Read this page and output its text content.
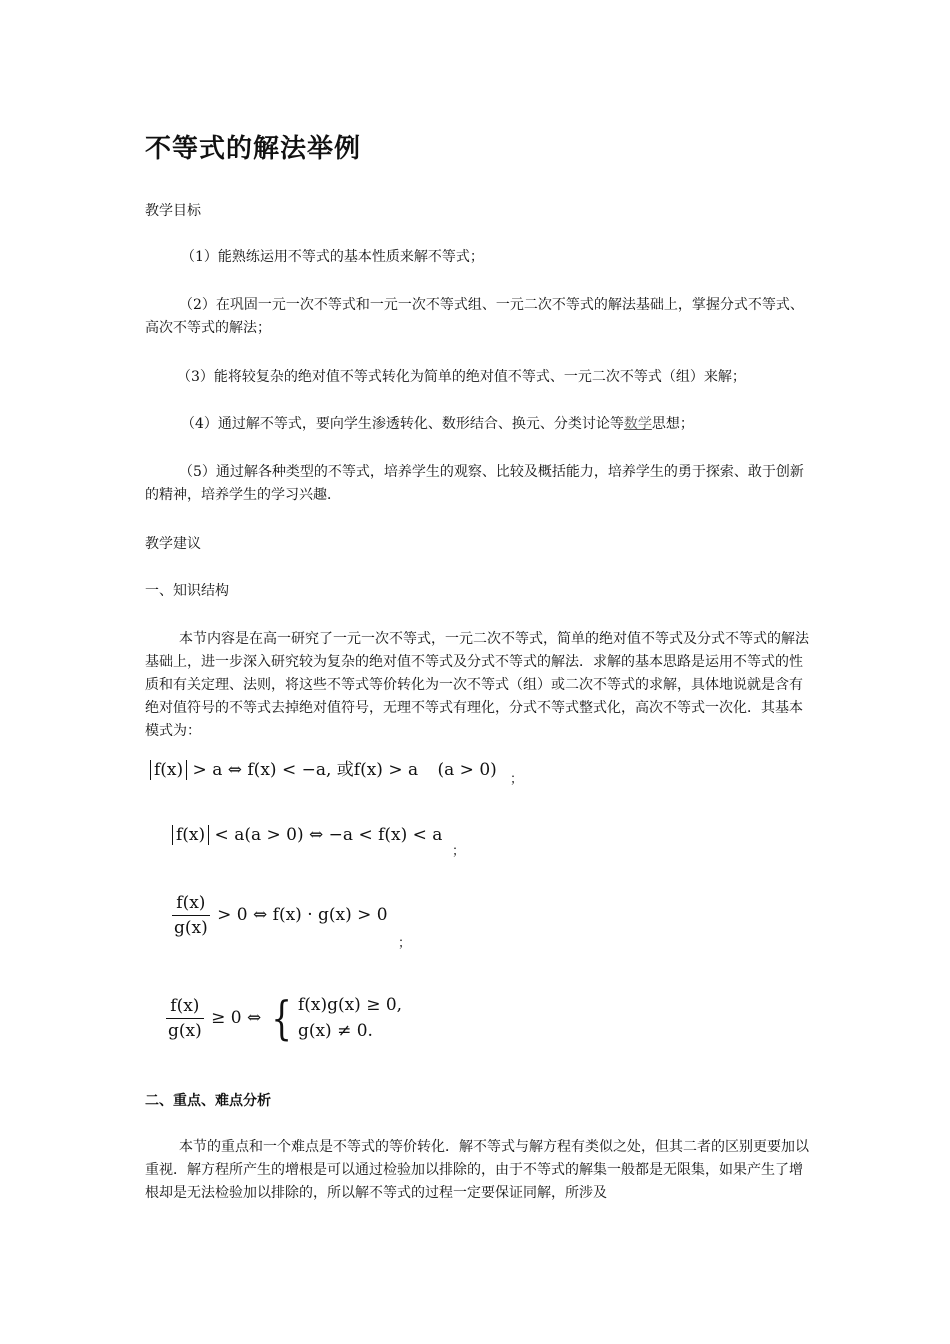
不等式的解法举例

教学目标

（1）能熟练运用不等式的基本性质来解不等式；

（2）在巩固一元一次不等式和一元一次不等式组、一元二次不等式的解法基础上，掌握分式不等式、高次不等式的解法；

（3）能将较复杂的绝对值不等式转化为简单的绝对值不等式、一元二次不等式（组）来解；

（4）通过解不等式，要向学生渗透转化、数形结合、换元、分类讨论等数学思想；

（5）通过解各种类型的不等式，培养学生的观察、比较及概括能力，培养学生的勇于探索、敢于创新的精神，培养学生的学习兴趣．

教学建议

一、知识结构

本节内容是在高一研究了一元一次不等式，一元二次不等式，简单的绝对值不等式及分式不等式的解法基础上，进一步深入研究较为复杂的绝对值不等式及分式不等式的解法．求解的基本思路是运用不等式的性质和有关定理、法则，将这些不等式等价转化为一次不等式（组）或二次不等式的求解，具体地说就是含有绝对值符号的不等式去掉绝对值符号，无理不等式有理化，分式不等式整式化，高次不等式一次化．其基本模式为：

f(x) > a ⇔ f(x) < −a, 或f(x) > a (a > 0) ；
f(x) < a(a > 0) ⇔ −a < f(x) < a
；
$\frac{f(x)}{g(x)} > 0$ ⇔ f(x) · g(x) > 0
；
$\frac{f(x)}{g(x)} \ge 0$ ⇔ { f(x)g(x) ≥ 0,
g(x) ≠ 0.

二、重点、难点分析

本节的重点和一个难点是不等式的等价转化．解不等式与解方程有类似之处，但其二者的区别更要加以重视．解方程所产生的增根是可以通过检验加以排除的，由于不等式的解集一般都是无限集，如果产生了增根却是无法检验加以排除的，所以解不等式的过程一定要保证同解，所涉及
